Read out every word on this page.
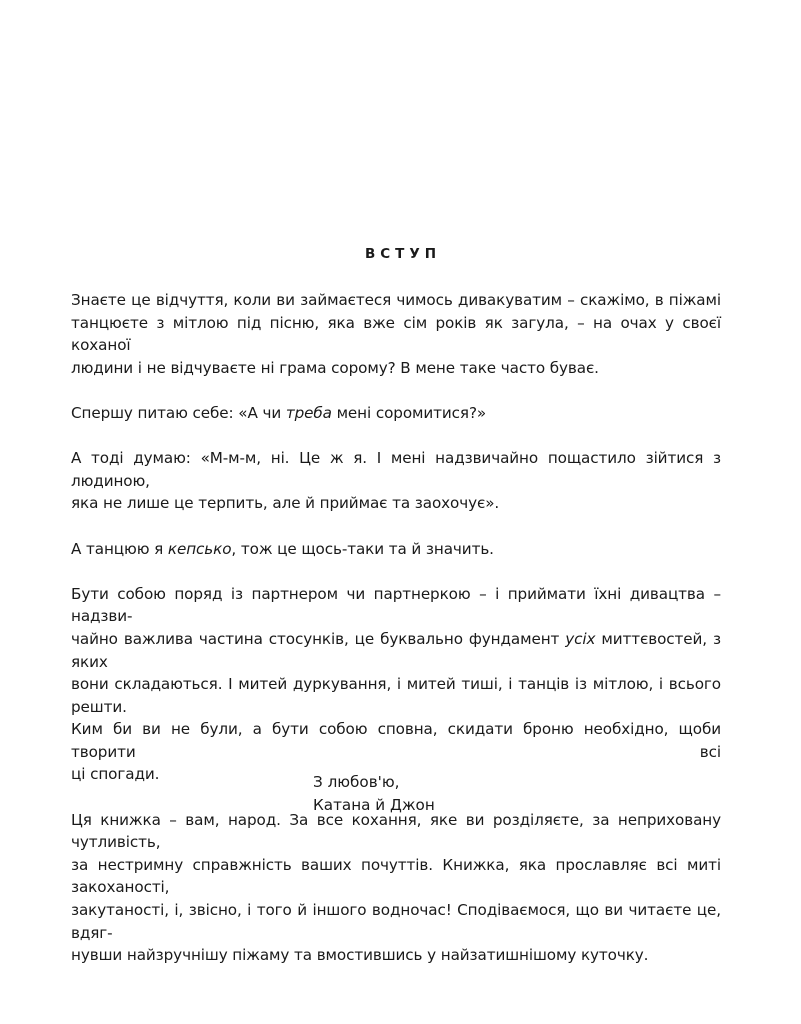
ВСТУП
Знаєте це відчуття, коли ви займаєтеся чимось дивакуватим – скажімо, в піжамі
танцюєте з мітлою під пісню, яка вже сім років як загула, – на очах у своєї коханої
людини і не відчуваєте ні грама сорому? В мене таке часто буває.
Спершу питаю себе: «А чи треба мені соромитися?»
А тоді думаю: «М-м-м, ні. Це ж я. І мені надзвичайно пощастило зійтися з людиною,
яка не лише це терпить, але й приймає та заохочує».
А танцюю я кепсько, тож це щось-таки та й значить.
Бути собою поряд із партнером чи партнеркою – і приймати їхні дивацтва – надзви-
чайно важлива частина стосунків, це буквально фундамент усіх миттєвостей, з яких
вони складаються. І митей дуркування, і митей тиші, і танців із мітлою, і всього решти.
Ким би ви не були, а бути собою сповна, скидати броню необхідно, щоби творити всі
ці спогади.
Ця книжка – вам, народ. За все кохання, яке ви розділяєте, за неприховану чутливість,
за нестримну справжність ваших почуттів. Книжка, яка прославляє всі миті закоханості,
закутаності, і, звісно, і того й іншого водночас! Сподіваємося, що ви читаєте це, вдяг-
нувши найзручнішу піжаму та вмостившись у найзатишнішому куточку.
З любов'ю,
Катана й Джон
